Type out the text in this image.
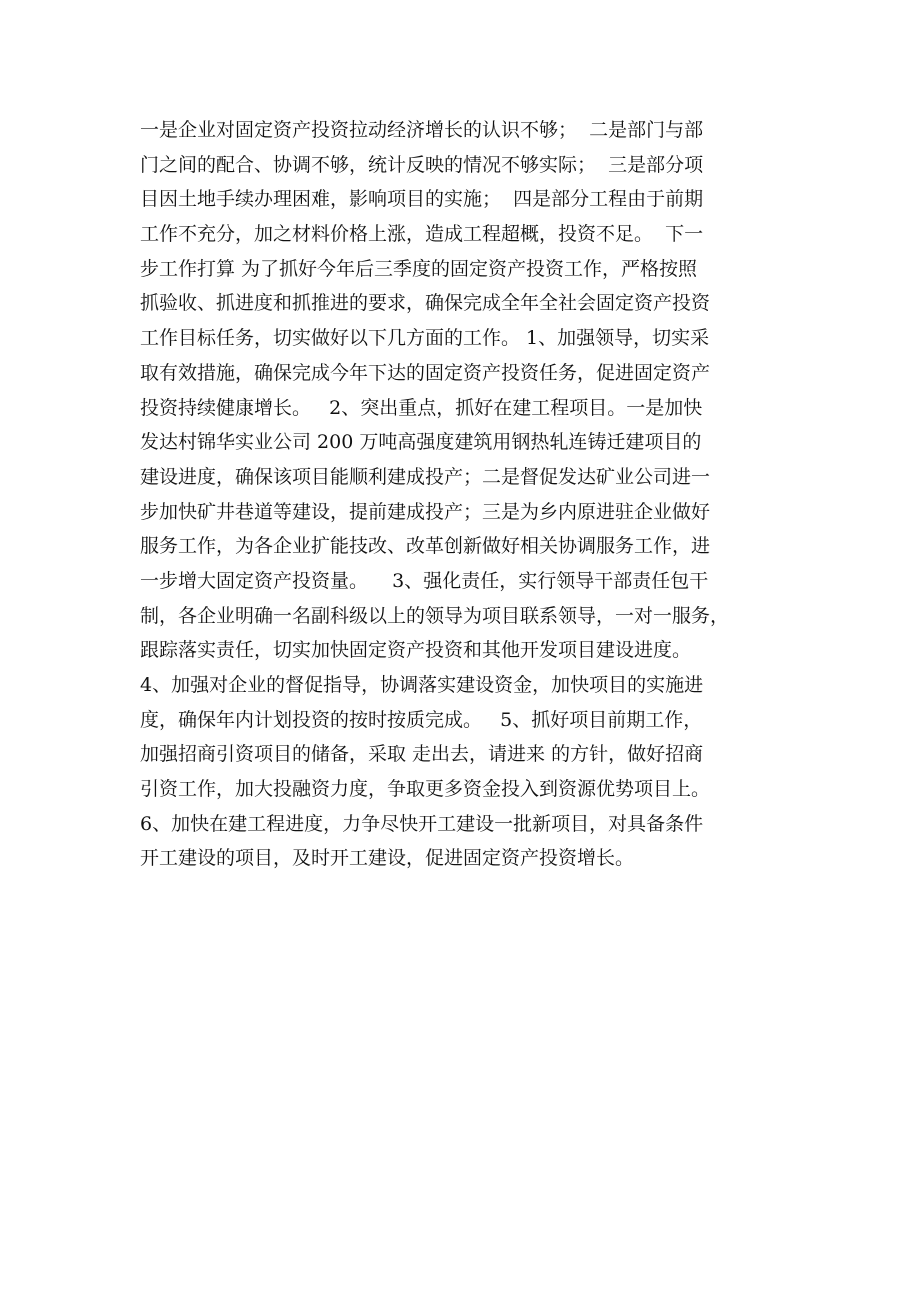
一是企业对固定资产投资拉动经济增长的认识不够；  二是部门与部
门之间的配合、协调不够，统计反映的情况不够实际；  三是部分项
目因土地手续办理困难，影响项目的实施；  四是部分工程由于前期
工作不充分，加之材料价格上涨，造成工程超概，投资不足。  下一
步工作打算 为了抓好今年后三季度的固定资产投资工作，严格按照
抓验收、抓进度和抓推进的要求，确保完成全年全社会固定资产投资
工作目标任务，切实做好以下几方面的工作。 1、加强领导，切实采
取有效措施，确保完成今年下达的固定资产投资任务，促进固定资产
投资持续健康增长。   2、突出重点，抓好在建工程项目。一是加快
发达村锦华实业公司 200 万吨高强度建筑用钢热轧连铸迁建项目的
建设进度，确保该项目能顺利建成投产；二是督促发达矿业公司进一
步加快矿井巷道等建设，提前建成投产；三是为乡内原进驻企业做好
服务工作，为各企业扩能技改、改革创新做好相关协调服务工作，进
一步增大固定资产投资量。    3、强化责任，实行领导干部责任包干
制，各企业明确一名副科级以上的领导为项目联系领导，一对一服务，
跟踪落实责任，切实加快固定资产投资和其他开发项目建设进度。
4、加强对企业的督促指导，协调落实建设资金，加快项目的实施进
度，确保年内计划投资的按时按质完成。   5、抓好项目前期工作，
加强招商引资项目的储备，采取 走出去，请进来 的方针，做好招商
引资工作，加大投融资力度，争取更多资金投入到资源优势项目上。
6、加快在建工程进度，力争尽快开工建设一批新项目，对具备条件
开工建设的项目，及时开工建设，促进固定资产投资增长。
